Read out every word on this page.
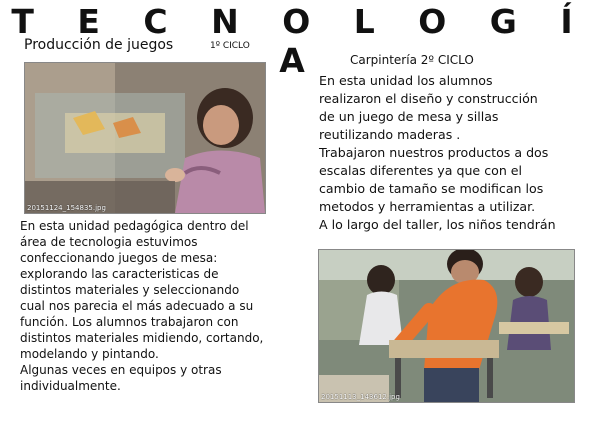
T E C N O L O G Í A
Producción de juegos	1º CICLO
20151124_154835.jpg
En esta unidad pedagógica dentro del
área de tecnologia estuvimos
confeccionando juegos de mesa:
explorando las caracteristicas de
distintos materiales y seleccionando
cual nos parecia el más adecuado a su
función. Los alumnos trabajaron con
distintos materiales midiendo, cortando,
modelando y pintando.
Algunas veces en equipos y otras
individualmente.
Carpintería 2º CICLO
En esta unidad los alumnos
realizaron el diseño y construcción
de un juego de mesa y sillas
reutilizando maderas .
Trabajaron nuestros productos a dos
escalas diferentes ya que con el
cambio de tamaño se modifican los
metodos y herramientas a utilizar.
A lo largo del taller, los niños tendrán
20151113_143612.jpg
